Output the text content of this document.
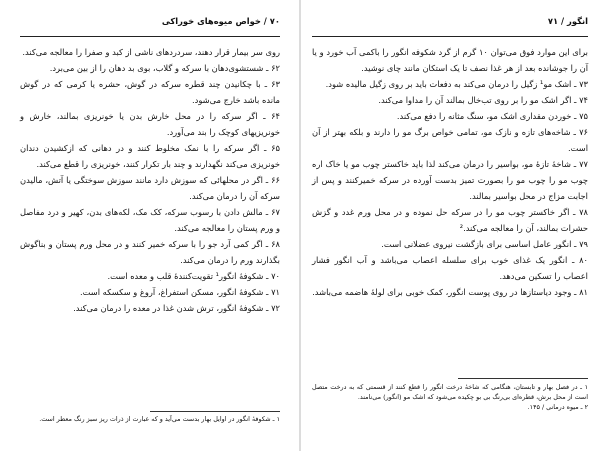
۷۰ / خواص میوه‌های خوراکی

روی سر بیمار قرار دهند، سردردهای ناشی از کبد و صفرا را معالجه می‌کند.

۶۲ ـ شستشوی‌دهان با سرکه و گلاب، بوی بد دهان را از بین می‌برد.

۶۳ ـ با چکانیدن چند قطره سرکه در گوش، حشره یا کرمی که در گوش مانده باشد خارج می‌شود.

۶۴ ـ اگر سرکه را در محل خارش بدن یا خونریزی بمالند، خارش و خونریزیهای کوچک را بند می‌آورد.

۶۵ ـ اگر سرکه را با نمک مخلوط کنند و در دهانی که ازکشیدن دندان خونریزی می‌کند نگهدارند و چند بار تکرار کنند، خونریزی را قطع می‌کند.

۶۶ ـ اگر در محلهائی که سوزش دارد مانند سوزش سوختگی یا آتش، مالیدن سرکه آن را درمان می‌کند.

۶۷ ـ مالش دادن با رسوب سرکه، کک مک، لکه‌های بدن، کهیر و درد مفاصل و ورم پستان را معالجه می‌کند.

۶۸ ـ اگر کمی آرد جو را با سرکه خمیر کنند و در محل ورم پستان و بناگوش بگذارند ورم را درمان می‌کند.

۷۰ ـ شکوفهٔ انگور¹ تقویت‌کنندهٔ قلب و معده است.

۷۱ ـ شکوفهٔ انگور، مسکن استفراغ، آروغ و سکسکه است.

۷۲ ـ شکوفهٔ انگور، ترش شدن غذا در معده را درمان می‌کند.

۱ ـ شکوفهٔ انگور در اوایل بهار بدست می‌آید و که عبارت از ذرات ریز سبز رنگ معطر است.

انگور / ۷۱

برای این موارد فوق می‌توان ۱۰ گرم از گرد شکوفه انگور را باکمی آب خورد و یا آن را جوشانده بعد از هر غذا نصف تا یک استکان مانند چای نوشید.

۷۳ ـ اشک مو¹ زگیل را درمان می‌کند به دفعات باید بر روی زگیل مالیده شود.

۷۴ ـ اگر اشک مو را بر روی تب‌خال بمالند آن را مداوا می‌کند.

۷۵ ـ خوردن مقداری اشک مو، سنگ مثانه را دفع می‌کند.

۷۶ ـ شاخه‌های تازه و نازک مو، تمامی خواص برگ مو را دارند و بلکه بهتر از آن است.

۷۷ ـ شاخهٔ تازهٔ مو، بواسیر را درمان می‌کند لذا باید خاکستر چوب مو یا خاک اره چوب مو را چوب مو را بصورت تمیز بدست آورده در سرکه خمیرکنند و پس از اجابت مزاج در محل بواسیر بمالند.

۷۸ ـ اگر خاکستر چوب مو را در سرکه حل نموده و در محل ورم غدد و گزش حشرات بمالند، آن را معالجه می‌کند.²

۷۹ ـ انگور عامل اساسی برای بازگشت نیروی عضلانی است.

۸۰ ـ انگور یک غذای خوب برای سلسله اعصاب می‌باشد و آب انگور فشار اعصاب را تسکین می‌دهد.

۸۱ ـ وجود دیاستازها در روی پوست انگور، کمک خوبی برای لولهٔ هاضمه می‌باشد.

۱ ـ در فصل بهار و تابستان، هنگامی که شاخهٔ درخت انگور را قطع کنند از قسمتی که به درخت متصل است از محل برش، قطره‌ای بی‌رنگ بی بو چکیده می‌شود که اشک مو (انگور) می‌نامند.

۲ ـ میوه درمانی / ۱۴۵.
